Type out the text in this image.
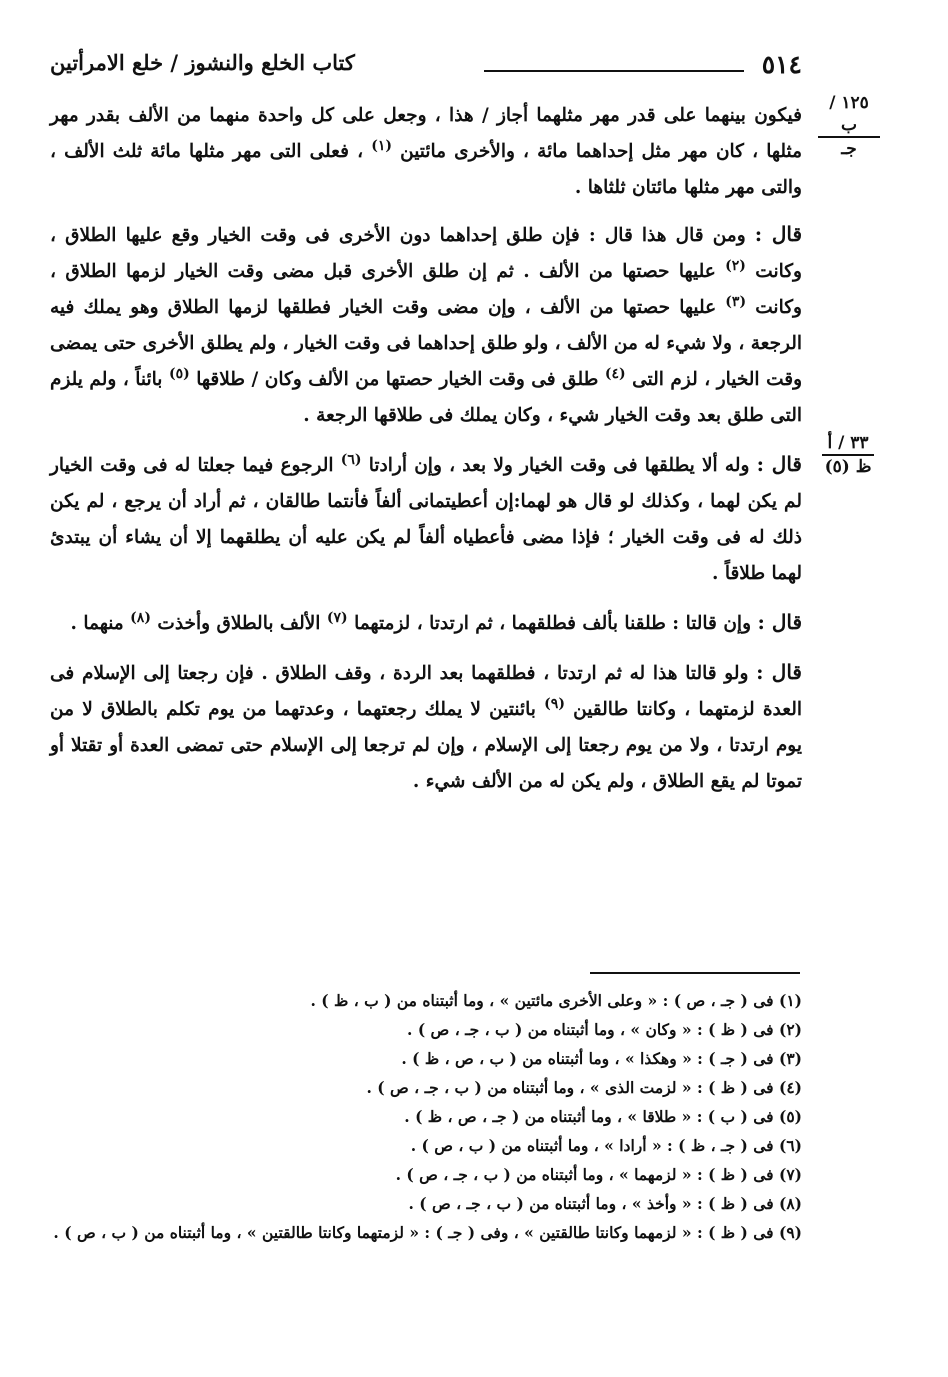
٥١٤
كتاب الخلع والنشوز / خلع الامرأتين
١٢٥ / ب
جـ
٣٣ / أ
ظ (٥)

فيكون بينهما على قدر مهر مثلهما أجاز / هذا ، وجعل على كل واحدة منهما من الألف بقدر مهر مثلها ، كان مهر مثل إحداهما مائة ، والأخرى مائتين $^{(١)}$ ، فعلى التى مهر مثلها مائة ثلث الألف ، والتى مهر مثلها مائتان ثلثاها .

قال : ومن قال هذا قال : فإن طلق إحداهما دون الأخرى فى وقت الخيار وقع عليها الطلاق ، وكانت $^{(٢)}$ عليها حصتها من الألف . ثم إن طلق الأخرى قبل مضى وقت الخيار لزمها الطلاق ، وكانت $^{(٣)}$ عليها حصتها من الألف ، وإن مضى وقت الخيار فطلقها لزمها الطلاق وهو يملك فيه الرجعة ، ولا شيء له من الألف ، ولو طلق إحداهما فى وقت الخيار ، ولم يطلق الأخرى حتى يمضى وقت الخيار ، لزم التى $^{(٤)}$ طلق فى وقت الخيار حصتها من الألف وكان / طلاقها $^{(٥)}$ بائناً ، ولم يلزم التى طلق بعد وقت الخيار شيء ، وكان يملك فى طلاقها الرجعة .

قال : وله ألا يطلقها فى وقت الخيار ولا بعد ، وإن أرادتا $^{(٦)}$ الرجوع فيما جعلتا له فى وقت الخيار لم يكن لهما ، وكذلك لو قال هو لهما:إن أعطيتمانى ألفاً فأنتما طالقان ، ثم أراد أن يرجع ، لم يكن ذلك له فى وقت الخيار ؛ فإذا مضى فأعطياه ألفاً لم يكن عليه أن يطلقهما إلا أن يشاء أن يبتدئ لهما طلاقاً .

قال : وإن قالتا : طلقنا بألف فطلقهما ، ثم ارتدتا ، لزمتهما $^{(٧)}$ الألف بالطلاق وأخذت $^{(٨)}$ منهما .

قال : ولو قالتا هذا له ثم ارتدتا ، فطلقهما بعد الردة ، وقف الطلاق . فإن رجعتا إلى الإسلام فى العدة لزمتهما ، وكانتا طالقين $^{(٩)}$ بائنتين لا يملك رجعتهما ، وعدتهما من يوم تكلم بالطلاق لا من يوم ارتدتا ، ولا من يوم رجعتا إلى الإسلام ، وإن لم ترجعا إلى الإسلام حتى تمضى العدة أو تقتلا أو تموتا لم يقع الطلاق ، ولم يكن له من الألف شيء .

(١) فى ( جـ ، ص ) : « وعلى الأخرى مائتين » ، وما أثبتناه من ( ب ، ظ ) .

(٢) فى ( ظ ) : « وكان » ، وما أثبتناه من ( ب ، جـ ، ص ) .

(٣) فى ( جـ ) : « وهكذا » ، وما أثبتناه من ( ب ، ص ، ظ ) .

(٤) فى ( ظ ) : « لزمت الذى » ، وما أثبتناه من ( ب ، جـ ، ص ) .

(٥) فى ( ب ) : « طلاقا » ، وما أثبتناه من ( جـ ، ص ، ظ ) .

(٦) فى ( جـ ، ظ ) : « أرادا » ، وما أثبتناه من ( ب ، ص ) .

(٧) فى ( ظ ) : « لزمهما » ، وما أثبتناه من ( ب ، جـ ، ص ) .

(٨) فى ( ظ ) : « وأخذ » ، وما أثبتناه من ( ب ، جـ ، ص ) .

(٩) فى ( ظ ) : « لزمهما وكانتا طالقتين » ، وفى ( جـ ) : « لزمتهما وكانتا طالقتين » ، وما أثبتناه من ( ب ، ص ) .
